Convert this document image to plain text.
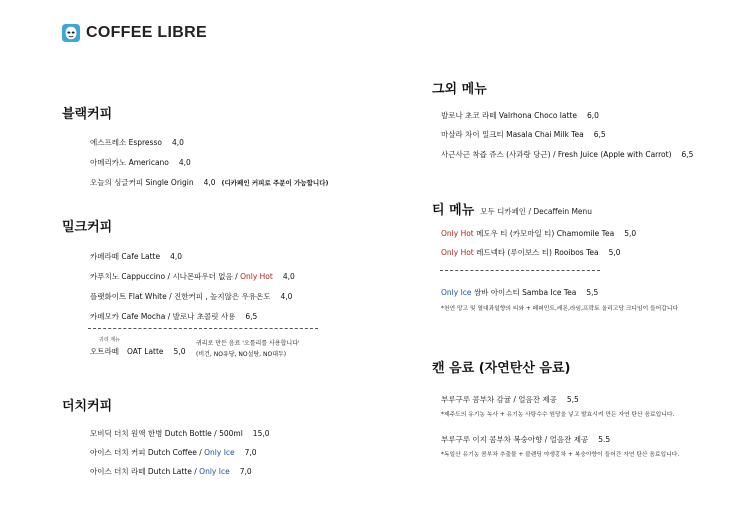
COFFEE LIBRE
블랙커피
에스프레소 Espresso 4,0
아메리카노 Americano 4,0
오늘의 싱글커피 Single Origin 4,0 (디카페인 커피로 주문이 가능합니다)
밀크커피
카페라떼 Cafe Latte 4,0
카푸치노 Cappuccino / 시나몬파우더 없음 / Only Hot 4,0
플랫화이트 Flat White / 진한커피 , 높지않은 우유온도 4,0
카페모카 Cafe Mocha / 발로나 초콜릿 사용 6,5
귀리 제뉴
오트라떼 OAT Latte 5,0
귀리로 만든 음료 '오틀리를 사용합니다'
(비건, NO유당, NO설탕, NO대두)
더치커피
모비딕 더치 원액 한병 Dutch Bottle / 500ml 15,0
아이스 더치 커피 Dutch Coffee / Only Ice 7,0
아이스 더치 라떼 Dutch Latte / Only Ice 7,0
그외 메뉴
발로나 초코 라떼 Valrhona Choco latte 6,0
마살라 차이 밀크티 Masala Chai Milk Tea 6,5
사근사근 착즙 쥬스 (사과랑 당근) / Fresh Juice (Apple with Carrot) 6,5
티 메뉴 모두 디카페인 / Decaffein Menu
Only Hot 메도우 티 (카모마일 티) Chamomile Tea 5,0
Only Hot 레드넥타 (루이보스 티) Rooibos Tea 5,0
Only Ice 쌈바 아이스티 Samba Ice Tea 5,5
*천연 망고 및 열대과일향의 티와 + 페퍼민트,레몬,라임,프락토 올리고당 크디임이 들어갑니다
캔 음료 (자연탄산 음료)
부루구루 콤부차 감귤 / 얼음잔 제공 5,5
*제주도의 유기농 녹사 + 유기농 사탕수수 원당을 넣고 발효시켜 만든 자연 탄산 음료입니다.
부루구루 이지 콤부차 복숭아향 / 얼음잔 제공 5.5
*독일산 유기농 콤부차 추출물 + 블렌딩 야생홍차 + 복숭아향이 들어간 자연 탄산 음료입니다.
